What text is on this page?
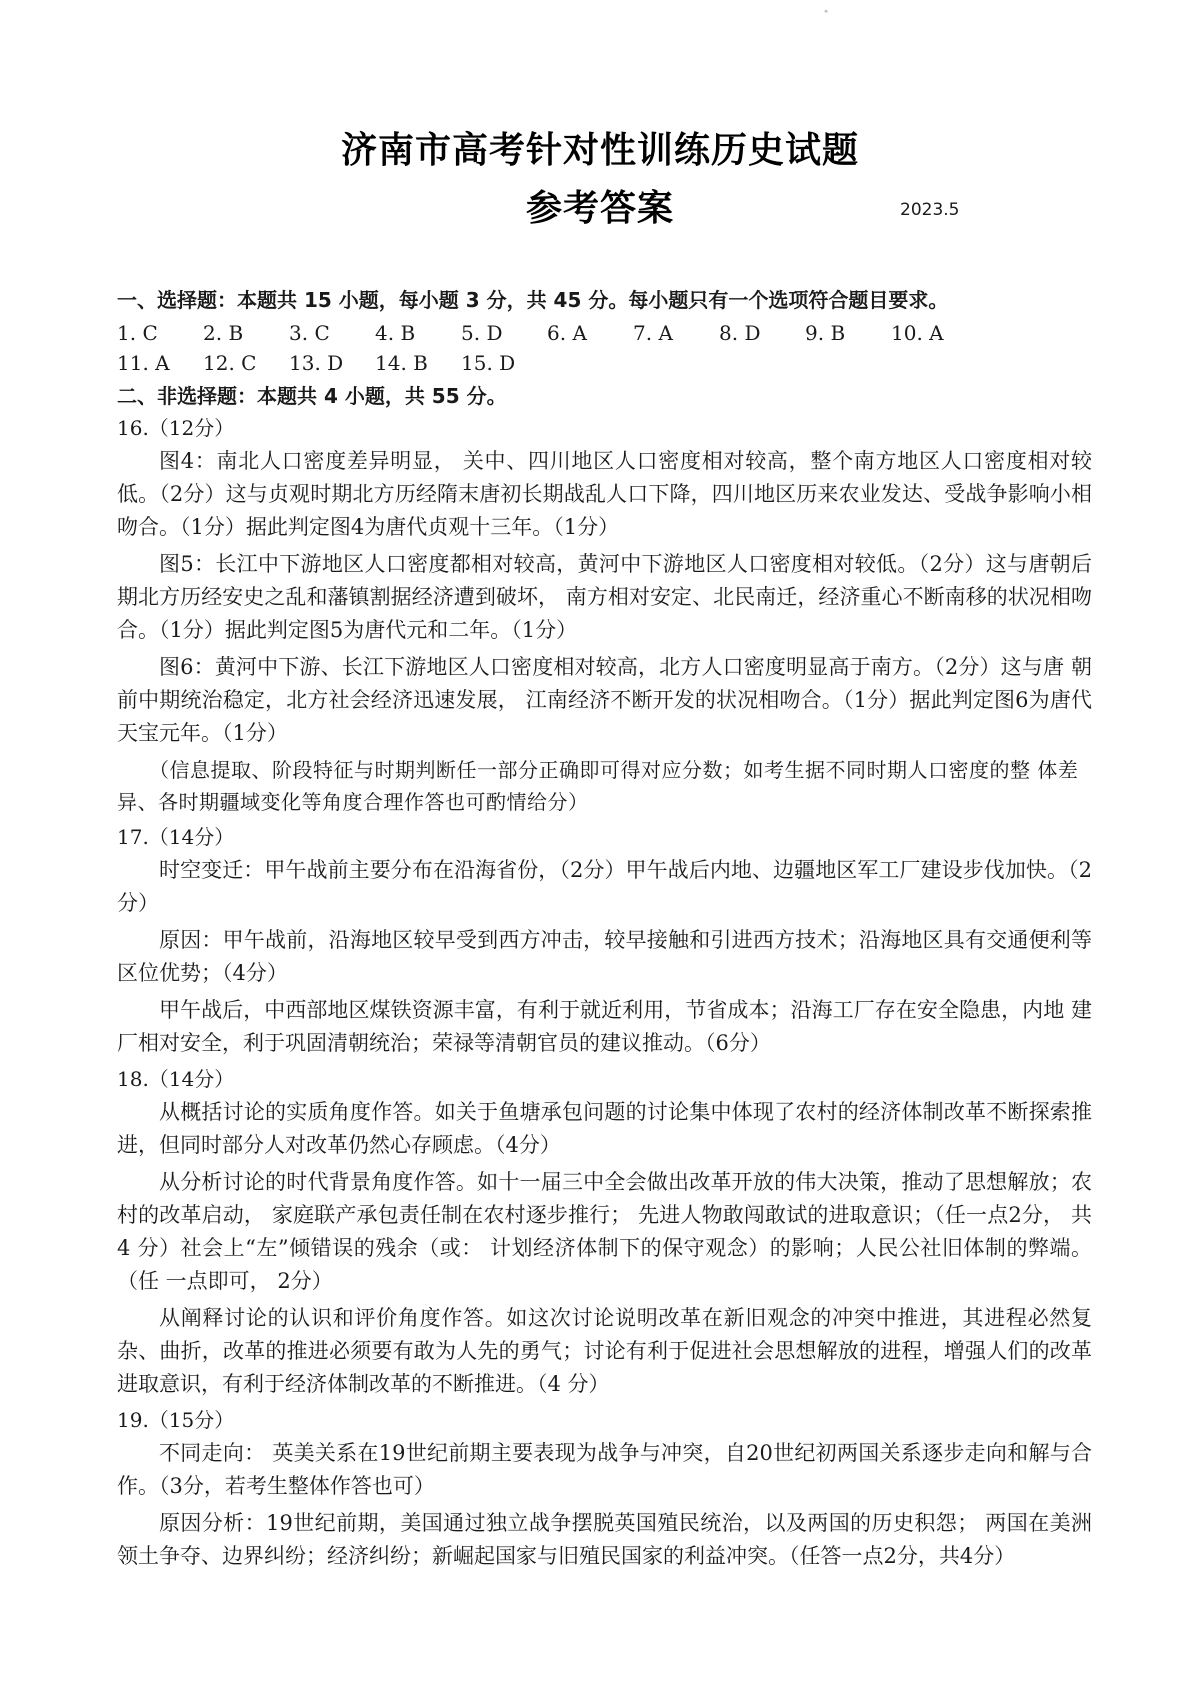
"
济南市高考针对性训练历史试题
参考答案	2023.5

一、选择题：本题共 15 小题，每小题 3 分，共 45 分。每小题只有一个选项符合题目要求。

1. C	2. B	3. C	4. B	5. D	6. A	7. A	8. D	9. B	10. A
11. A	12. C	13. D	14. B	15. D

二、非选择题：本题共 4 小题，共 55 分。

16.（12分）

图4：南北人口密度差异明显， 关中、四川地区人口密度相对较高，整个南方地区人口密度相对较低。（2分）这与贞观时期北方历经隋末唐初长期战乱人口下降，四川地区历来农业发达、受战争影响小相吻合。（1分）据此判定图4为唐代贞观十三年。（1分）

图5：长江中下游地区人口密度都相对较高，黄河中下游地区人口密度相对较低。（2分）这与唐朝后期北方历经安史之乱和藩镇割据经济遭到破坏， 南方相对安定、北民南迁，经济重心不断南移的状况相吻合。（1分）据此判定图5为唐代元和二年。（1分）

图6：黄河中下游、长江下游地区人口密度相对较高，北方人口密度明显高于南方。（2分）这与唐 朝前中期统治稳定，北方社会经济迅速发展， 江南经济不断开发的状况相吻合。（1分）据此判定图6为唐代天宝元年。（1分）

（信息提取、阶段特征与时期判断任一部分正确即可得对应分数；如考生据不同时期人口密度的整 体差异、各时期疆域变化等角度合理作答也可酌情给分）

17.（14分）

时空变迁：甲午战前主要分布在沿海省份，（2分）甲午战后内地、边疆地区军工厂建设步伐加快。（2分）

原因：甲午战前，沿海地区较早受到西方冲击，较早接触和引进西方技术；沿海地区具有交通便利等区位优势；（4分）

甲午战后，中西部地区煤铁资源丰富，有利于就近利用，节省成本；沿海工厂存在安全隐患，内地 建厂相对安全，利于巩固清朝统治；荣禄等清朝官员的建议推动。（6分）

18.（14分）

从概括讨论的实质角度作答。如关于鱼塘承包问题的讨论集中体现了农村的经济体制改革不断探索推进，但同时部分人对改革仍然心存顾虑。（4分）

从分析讨论的时代背景角度作答。如十一届三中全会做出改革开放的伟大决策，推动了思想解放；农村的改革启动， 家庭联产承包责任制在农村逐步推行； 先进人物敢闯敢试的进取意识；（任一点2分， 共4 分）社会上“左”倾错误的残余（或： 计划经济体制下的保守观念）的影响；人民公社旧体制的弊端。（任 一点即可， 2分）

从阐释讨论的认识和评价角度作答。如这次讨论说明改革在新旧观念的冲突中推进，其进程必然复杂、曲折，改革的推进必须要有敢为人先的勇气；讨论有利于促进社会思想解放的进程，增强人们的改革进取意识，有利于经济体制改革的不断推进。（4 分）

19.（15分）

不同走向： 英美关系在19世纪前期主要表现为战争与冲突，自20世纪初两国关系逐步走向和解与合作。（3分，若考生整体作答也可）

原因分析：19世纪前期，美国通过独立战争摆脱英国殖民统治，以及两国的历史积怨； 两国在美洲 领土争夺、边界纠纷；经济纠纷；新崛起国家与旧殖民国家的利益冲突。（任答一点2分，共4分）
